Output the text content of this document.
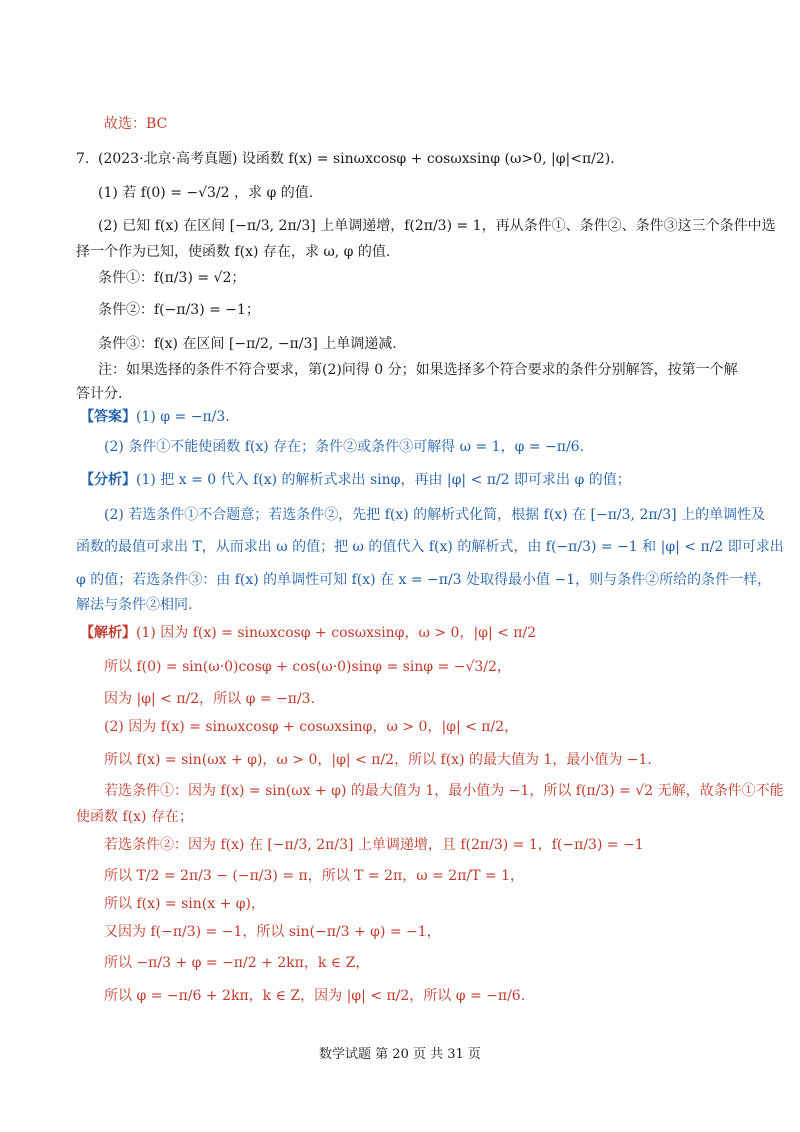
故选：BC
7. (2023·北京·高考真题) 设函数 f(x) = sinωxcosφ + cosωxsinφ (ω>0, |φ|<π/2).
(1) 若 f(0) = −√3/2 ，求 φ 的值.
(2) 已知 f(x) 在区间 [−π/3, 2π/3] 上单调递增，f(2π/3) = 1，再从条件①、条件②、条件③这三个条件中选
择一个作为已知，使函数 f(x) 存在，求 ω, φ 的值.
条件①：f(π/3) = √2；
条件②：f(−π/3) = −1；
条件③：f(x) 在区间 [−π/2, −π/3] 上单调递减.
注：如果选择的条件不符合要求，第(2)问得 0 分；如果选择多个符合要求的条件分别解答，按第一个解
答计分.
【答案】(1) φ = −π/3.
(2) 条件①不能使函数 f(x) 存在；条件②或条件③可解得 ω = 1，φ = −π/6.
【分析】(1) 把 x = 0 代入 f(x) 的解析式求出 sinφ，再由 |φ| < π/2 即可求出 φ 的值；
(2) 若选条件①不合题意；若选条件②，先把 f(x) 的解析式化简，根据 f(x) 在 [−π/3, 2π/3] 上的单调性及
函数的最值可求出 T，从而求出 ω 的值；把 ω 的值代入 f(x) 的解析式，由 f(−π/3) = −1 和 |φ| < π/2 即可求出
φ 的值；若选条件③：由 f(x) 的单调性可知 f(x) 在 x = −π/3 处取得最小值 −1，则与条件②所给的条件一样，
解法与条件②相同.
【解析】(1) 因为 f(x) = sinωxcosφ + cosωxsinφ，ω > 0，|φ| < π/2
所以 f(0) = sin(ω·0)cosφ + cos(ω·0)sinφ = sinφ = −√3/2，
因为 |φ| < π/2，所以 φ = −π/3.
(2) 因为 f(x) = sinωxcosφ + cosωxsinφ，ω > 0，|φ| < π/2，
所以 f(x) = sin(ωx + φ)，ω > 0，|φ| < π/2，所以 f(x) 的最大值为 1，最小值为 −1.
若选条件①：因为 f(x) = sin(ωx + φ) 的最大值为 1，最小值为 −1，所以 f(π/3) = √2 无解，故条件①不能
使函数 f(x) 存在；
若选条件②：因为 f(x) 在 [−π/3, 2π/3] 上单调递增，且 f(2π/3) = 1，f(−π/3) = −1
所以 T/2 = 2π/3 − (−π/3) = π，所以 T = 2π，ω = 2π/T = 1，
所以 f(x) = sin(x + φ)，
又因为 f(−π/3) = −1，所以 sin(−π/3 + φ) = −1，
所以 −π/3 + φ = −π/2 + 2kπ，k ∈ Z，
所以 φ = −π/6 + 2kπ，k ∈ Z，因为 |φ| < π/2，所以 φ = −π/6.
数学试题 第 20 页 共 31 页
